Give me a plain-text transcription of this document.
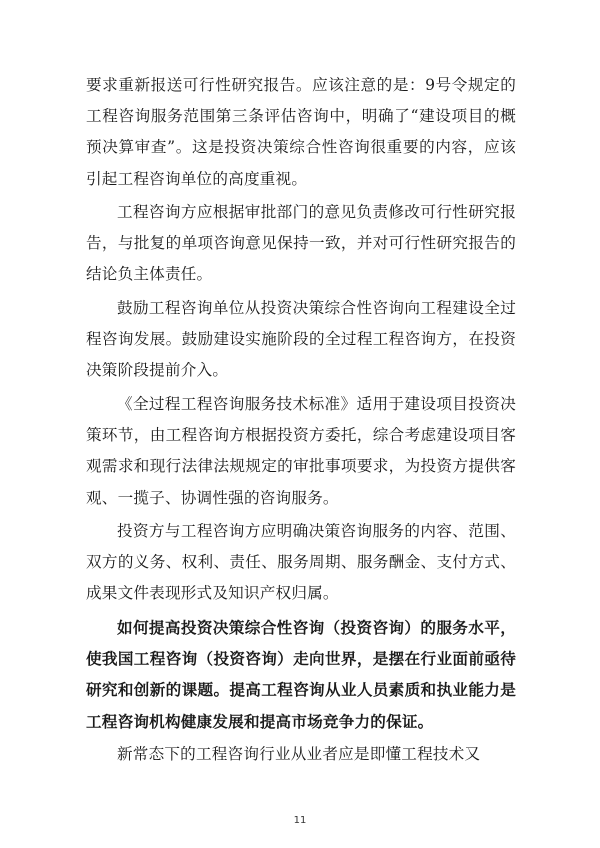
要求重新报送可行性研究报告。应该注意的是：9号令规定的工程咨询服务范围第三条评估咨询中，明确了“建设项目的概预决算审查”。这是投资决策综合性咨询很重要的内容，应该引起工程咨询单位的高度重视。

工程咨询方应根据审批部门的意见负责修改可行性研究报告，与批复的单项咨询意见保持一致，并对可行性研究报告的结论负主体责任。

鼓励工程咨询单位从投资决策综合性咨询向工程建设全过程咨询发展。鼓励建设实施阶段的全过程工程咨询方，在投资决策阶段提前介入。

《全过程工程咨询服务技术标准》适用于建设项目投资决策环节，由工程咨询方根据投资方委托，综合考虑建设项目客观需求和现行法律法规规定的审批事项要求，为投资方提供客观、一揽子、协调性强的咨询服务。

投资方与工程咨询方应明确决策咨询服务的内容、范围、双方的义务、权利、责任、服务周期、服务酬金、支付方式、成果文件表现形式及知识产权归属。

如何提高投资决策综合性咨询（投资咨询）的服务水平，使我国工程咨询（投资咨询）走向世界，是摆在行业面前亟待研究和创新的课题。提高工程咨询从业人员素质和执业能力是工程咨询机构健康发展和提高市场竞争力的保证。

新常态下的工程咨询行业从业者应是即懂工程技术又

11
